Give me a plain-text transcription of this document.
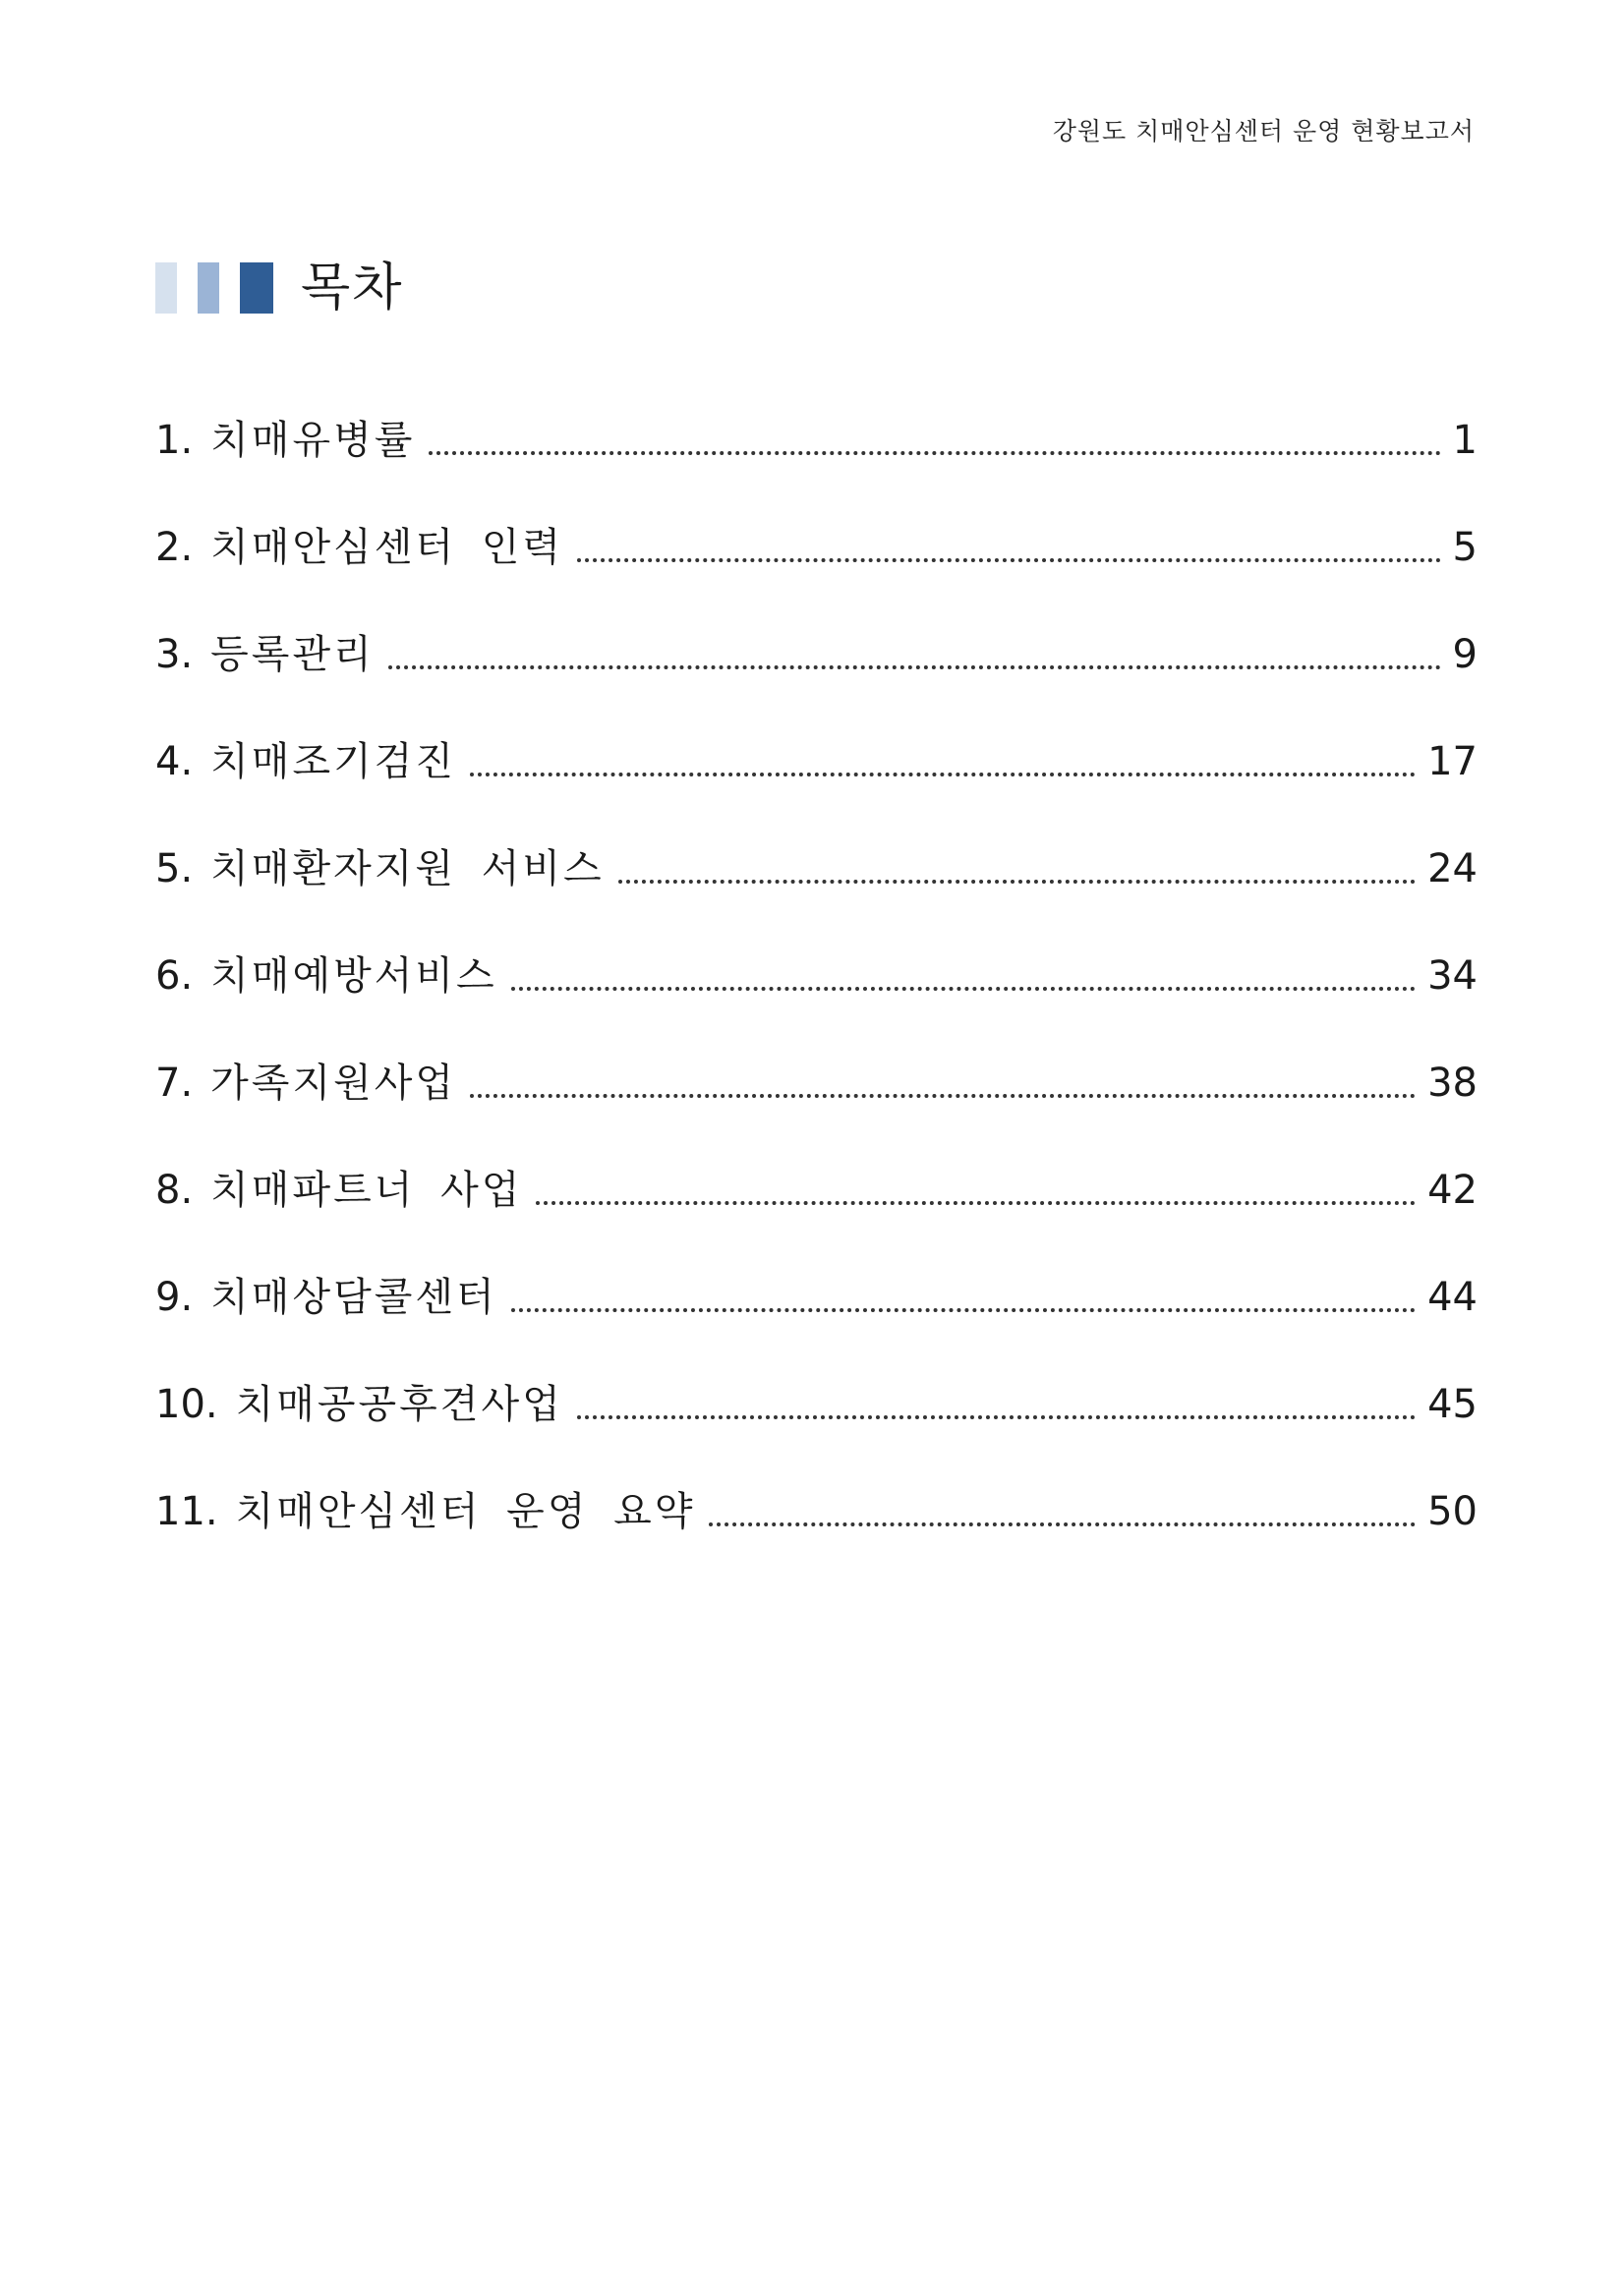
강원도 치매안심센터 운영 현황보고서
목차
1. 치매유병률	1
2. 치매안심센터 인력	5
3. 등록관리	9
4. 치매조기검진	17
5. 치매환자지원 서비스	24
6. 치매예방서비스	34
7. 가족지원사업	38
8. 치매파트너 사업	42
9. 치매상담콜센터	44
10. 치매공공후견사업	45
11. 치매안심센터 운영 요약	50
